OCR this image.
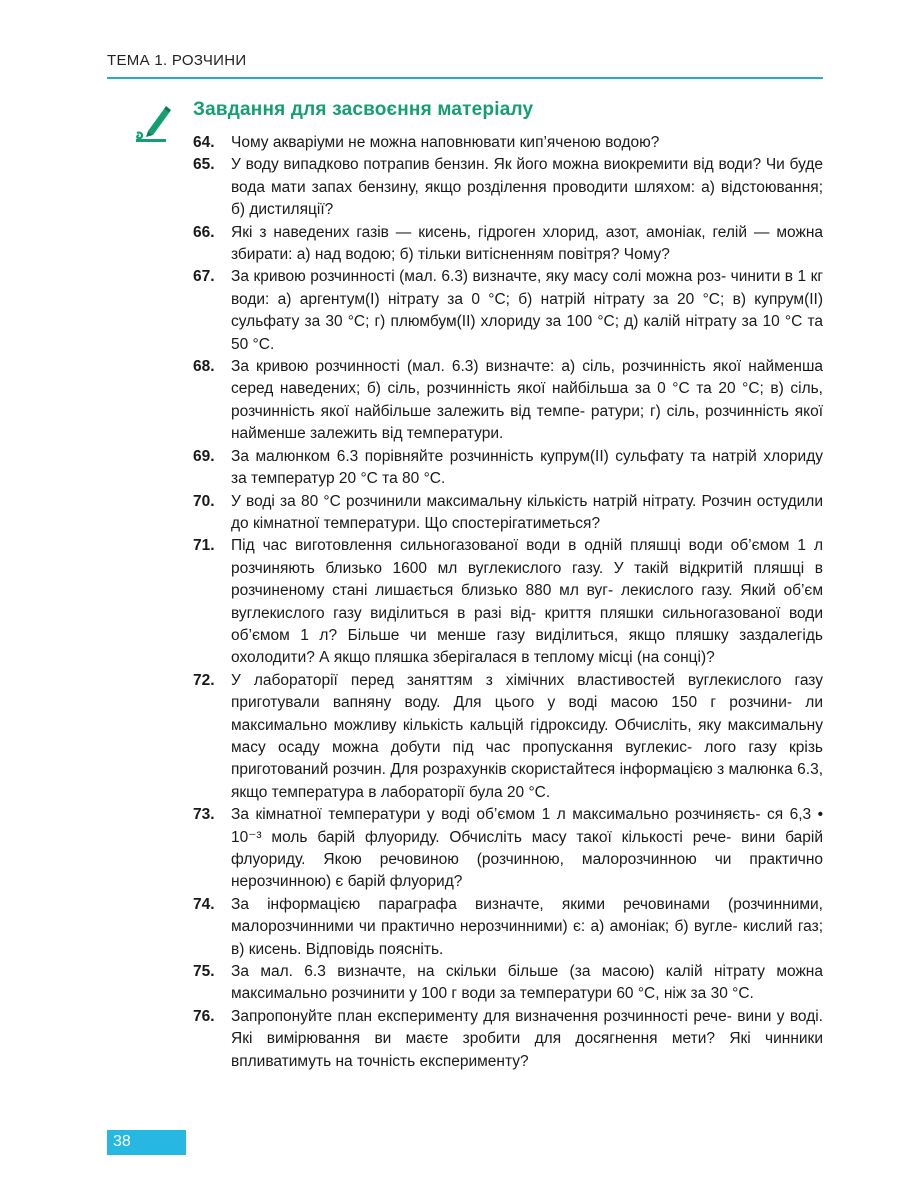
ТЕМА 1. РОЗЧИНИ
Завдання для засвоєння матеріалу
64.	Чому акваріуми не можна наповнювати кип’яченою водою?
65.	У воду випадково потрапив бензин. Як його можна виокремити від води? Чи буде вода мати запах бензину, якщо розділення проводити шляхом: а) відстоювання; б) дистиляції?
66.	Які з наведених газів — кисень, гідроген хлорид, азот, амоніак, гелій — можна збирати: а) над водою; б) тільки витісненням повітря? Чому?
67.	За кривою розчинності (мал. 6.3) визначте, яку масу солі можна роз- чинити в 1 кг води: а) аргентум(I) нітрату за 0 °C; б) натрій нітрату за 20 °C; в) купрум(II) сульфату за 30 °C; г) плюмбум(II) хлориду за 100 °C; д) калій нітрату за 10 °C та 50 °C.
68.	За кривою розчинності (мал. 6.3) визначте: а) сіль, розчинність якої найменша серед наведених; б) сіль, розчинність якої найбільша за 0 °C та 20 °C; в) сіль, розчинність якої найбільше залежить від темпе- ратури; г) сіль, розчинність якої найменше залежить від температури.
69.	За малюнком 6.3 порівняйте розчинність купрум(II) сульфату та натрій хлориду за температур 20 °C та 80 °C.
70.	У воді за 80 °C розчинили максимальну кількість натрій нітрату. Розчин остудили до кімнатної температури. Що спостерігатиметься?
71.	Під час виготовлення сильногазованої води в одній пляшці води об’ємом 1 л розчиняють близько 1600 мл вуглекислого газу. У такій відкритій пляшці в розчиненому стані лишається близько 880 мл вуг- лекислого газу. Який об’єм вуглекислого газу виділиться в разі від- криття пляшки сильногазованої води об’ємом 1 л? Більше чи менше газу виділиться, якщо пляшку заздалегідь охолодити? А якщо пляшка зберігалася в теплому місці (на сонці)?
72.	У лабораторії перед заняттям з хімічних властивостей вуглекислого газу приготували вапняну воду. Для цього у воді масою 150 г розчини- ли максимально можливу кількість кальцій гідроксиду. Обчисліть, яку максимальну масу осаду можна добути під час пропускання вуглекис- лого газу крізь приготований розчин. Для розрахунків скористайтеся інформацією з малюнка 6.3, якщо температура в лабораторії була 20 °C.
73.	За кімнатної температури у воді об’ємом 1 л максимально розчиняєть- ся 6,3 • 10⁻³ моль барій флуориду. Обчисліть масу такої кількості рече- вини барій флуориду. Якою речовиною (розчинною, малорозчинною чи практично нерозчинною) є барій флуорид?
74.	За інформацією параграфа визначте, якими речовинами (розчинними, малорозчинними чи практично нерозчинними) є: а) амоніак; б) вугле- кислий газ; в) кисень. Відповідь поясніть.
75.	За мал. 6.3 визначте, на скільки більше (за масою) калій нітрату можна максимально розчинити у 100 г води за температури 60 °C, ніж за 30 °C.
76.	Запропонуйте план експерименту для визначення розчинності рече- вини у воді. Які вимірювання ви маєте зробити для досягнення мети? Які чинники впливатимуть на точність експерименту?
38
